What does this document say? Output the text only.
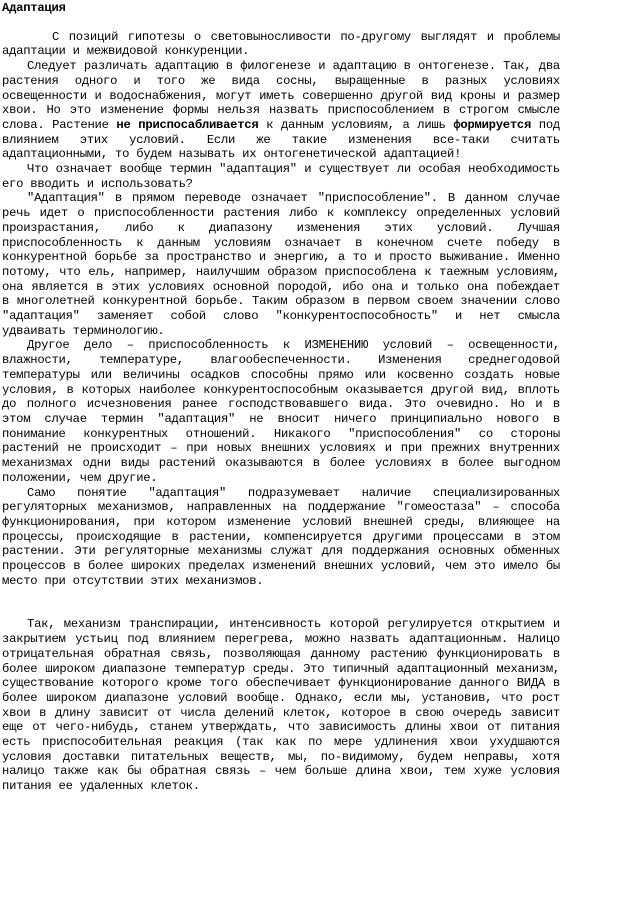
Адаптация

С позиций гипотезы о световыносливости по-другому выглядят и проблемы адаптации и межвидовой конкуренции.

Следует различать адаптацию в филогенезе и адаптацию в онтогенезе. Так, два растения одного и того же вида сосны, выращенные в разных условиях освещенности и водоснабжения, могут иметь совершенно другой вид кроны и размер хвои. Но это изменение формы нельзя назвать приспособлением в строгом смысле слова. Растение не приспосабливается к данным условиям, а лишь формируется под влиянием этих условий. Если же такие изменения все-таки считать адаптационными, то будем называть их онтогенетической адаптацией!

Что означает вообще термин "адаптация" и существует ли особая необходимость его вводить и использовать?

"Адаптация" в прямом переводе означает "приспособление". В данном случае речь идет о приспособленности растения либо к комплексу определенных условий произрастания, либо к диапазону изменения этих условий. Лучшая приспособленность к данным условиям означает в конечном счете победу в конкурентной борьбе за пространство и энергию, а то и просто выживание. Именно потому, что ель, например, наилучшим образом приспособлена к таежным условиям, она является в этих условиях основной породой, ибо она и только она побеждает в многолетней конкурентной борьбе. Таким образом в первом своем значении слово "адаптация" заменяет собой слово "конкурентоспособность" и нет смысла удваивать терминологию.

Другое дело – приспособленность к ИЗМЕНЕНИЮ условий – освещенности, влажности, температуре, влагообеспеченности. Изменения среднегодовой температуры или величины осадков способны прямо или косвенно создать новые условия, в которых наиболее конкурентоспособным оказывается другой вид, вплоть до полного исчезновения ранее господствовавшего вида. Это очевидно. Но и в этом случае термин "адаптация" не вносит ничего принципиально нового в понимание конкурентных отношений. Никакого "приспособления" со стороны растений не происходит – при новых внешних условиях и при прежних внутренних механизмах одни виды растений оказываются в более условиях в более выгодном положении, чем другие.

Само понятие "адаптация" подразумевает наличие специализированных регуляторных механизмов, направленных на поддержание "гомеостаза" – способа функционирования, при котором изменение условий внешней среды, влияющее на процессы, происходящие в растении, компенсируется другими процессами в этом растении. Эти регуляторные механизмы служат для поддержания основных обменных процессов в более широких пределах изменений внешних условий, чем это имело бы место при отсутствии этих механизмов.

Так, механизм транспирации, интенсивность которой регулируется открытием и закрытием устьиц под влиянием перегрева, можно назвать адаптационным. Налицо отрицательная обратная связь, позволяющая данному растению функционировать в более широком диапазоне температур среды. Это типичный адаптационный механизм, существование которого кроме того обеспечивает функционирование данного ВИДА в более широком диапазоне условий вообще. Однако, если мы, установив, что рост хвои в длину зависит от числа делений клеток, которое в свою очередь зависит еще от чего-нибудь, станем утверждать, что зависимость длины хвои от питания есть приспособительная реакция (так как по мере удлинения хвои ухудшаются условия доставки питательных веществ, мы, по-видимому, будем неправы, хотя налицо также как бы обратная связь – чем больше длина хвои, тем хуже условия питания ее удаленных клеток.
